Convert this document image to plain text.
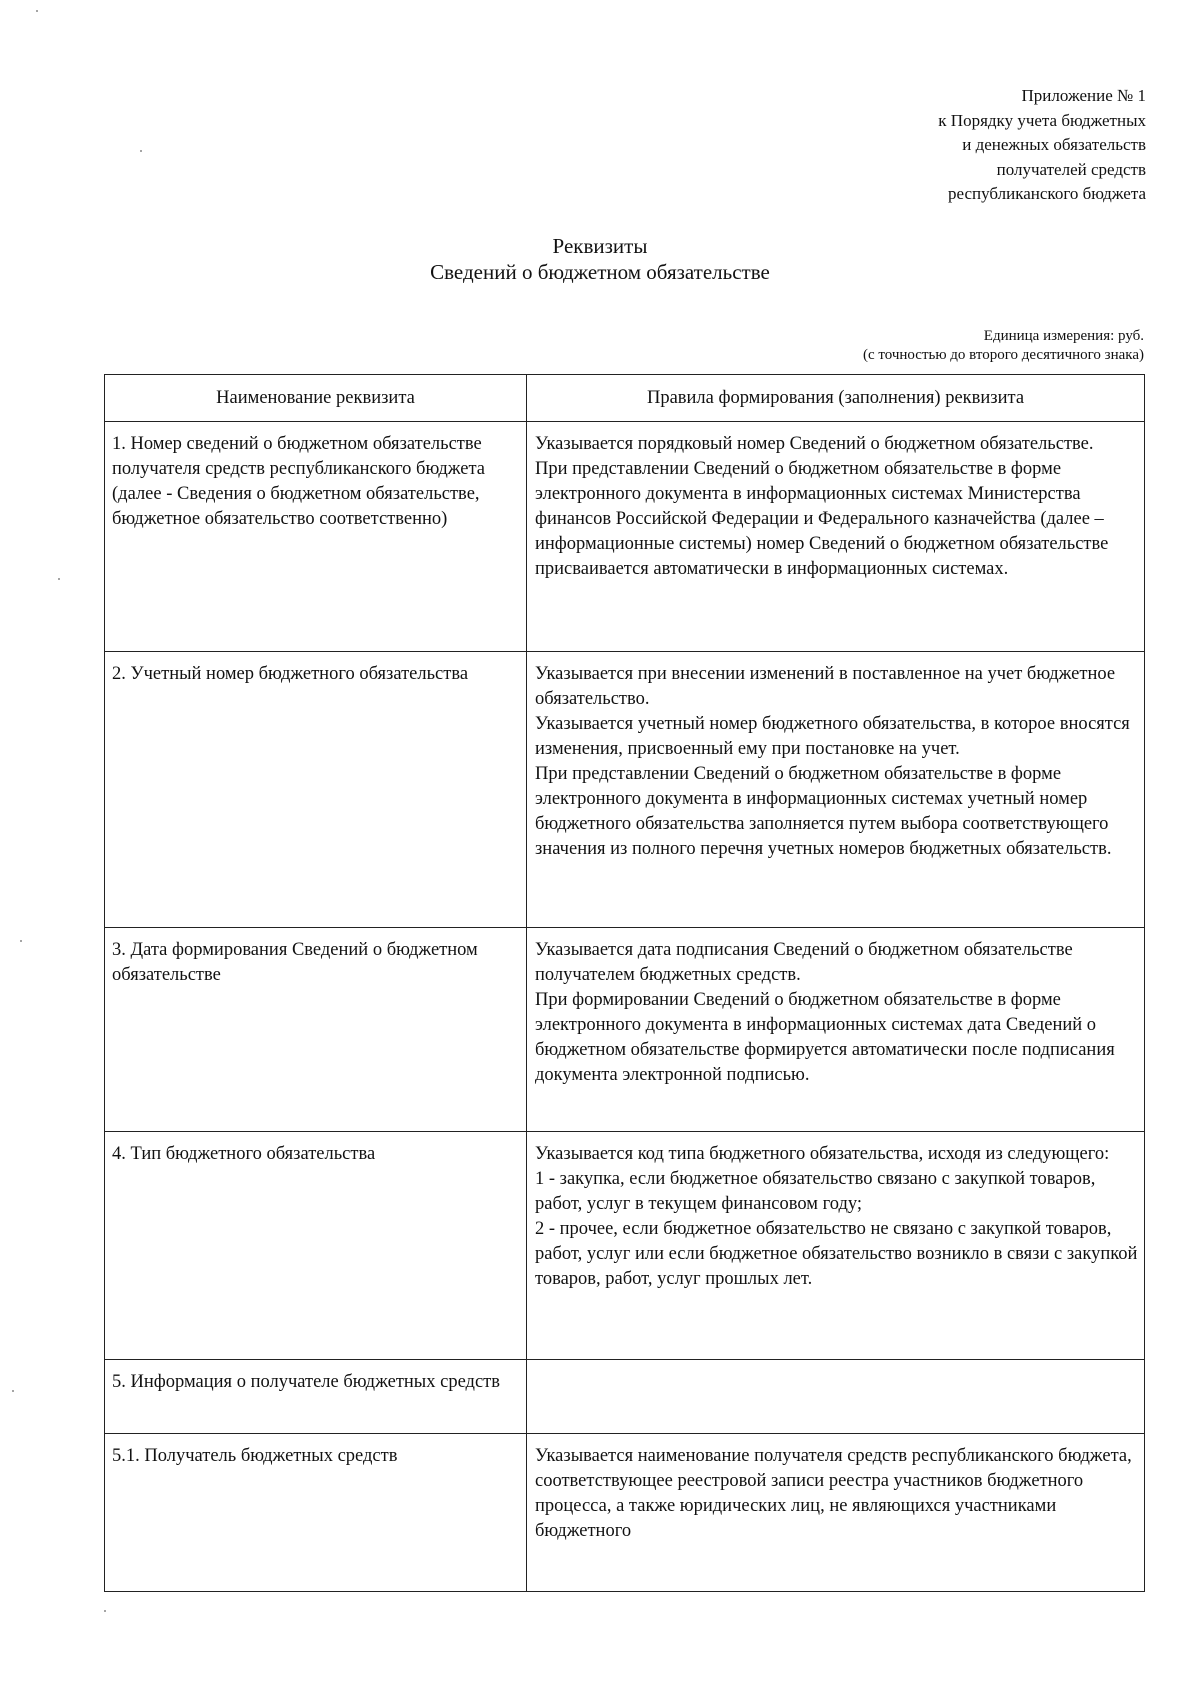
Приложение № 1
к Порядку учета бюджетных
и денежных обязательств
получателей средств
республиканского бюджета
Реквизиты
Сведений о бюджетном обязательстве
Единица измерения: руб.
(с точностью до второго десятичного знака)
Наименование реквизита	Правила формирования (заполнения) реквизита
1. Номер сведений о бюджетном обязательстве получателя средств республиканского бюджета (далее - Сведения о бюджетном обязательстве, бюджетное обязательство соответственно)	Указывается порядковый номер Сведений о бюджетном обязательстве.
При представлении Сведений о бюджетном обязательстве в форме электронного документа в информационных системах Министерства финансов Российской Федерации и Федерального казначейства (далее – информационные системы) номер Сведений о бюджетном обязательстве присваивается автоматически в информационных системах.

2. Учетный номер бюджетного обязательства	Указывается при внесении изменений в поставленное на учет бюджетное обязательство.
Указывается учетный номер бюджетного обязательства, в которое вносятся изменения, присвоенный ему при постановке на учет.
При представлении Сведений о бюджетном обязательстве в форме электронного документа в информационных системах учетный номер бюджетного обязательства заполняется путем выбора соответствующего значения из полного перечня учетных номеров бюджетных обязательств.

3. Дата формирования Сведений о бюджетном обязательстве	Указывается дата подписания Сведений о бюджетном обязательстве получателем бюджетных средств.
При формировании Сведений о бюджетном обязательстве в форме электронного документа в информационных системах дата Сведений о бюджетном обязательстве формируется автоматически после подписания документа электронной подписью.

4. Тип бюджетного обязательства	Указывается код типа бюджетного обязательства, исходя из следующего:
1 - закупка, если бюджетное обязательство связано с закупкой товаров, работ, услуг в текущем финансовом году;
2 - прочее, если бюджетное обязательство не связано с закупкой товаров, работ, услуг или если бюджетное обязательство возникло в связи с закупкой товаров, работ, услуг прошлых лет.

5. Информация о получателе бюджетных средств	
5.1. Получатель бюджетных средств	Указывается наименование получателя средств республиканского бюджета, соответствующее реестровой записи реестра участников бюджетного процесса, а также юридических лиц, не являющихся участниками бюджетного
